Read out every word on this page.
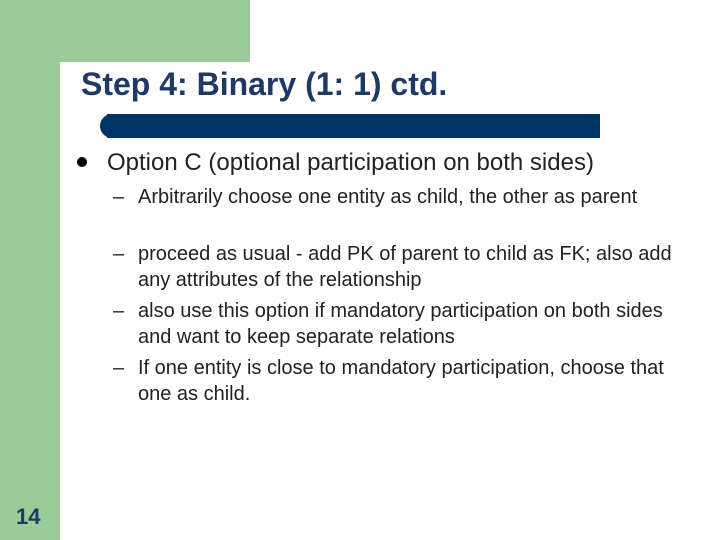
Step 4: Binary (1: 1) ctd.
Option C (optional participation on both sides)
– Arbitrarily choose one entity as child, the other as parent
– proceed as usual - add PK of parent to child as FK; also add any attributes of the relationship
– also use this option if mandatory participation on both sides and want to keep separate relations
– If one entity is close to mandatory participation, choose that one as child.
14
